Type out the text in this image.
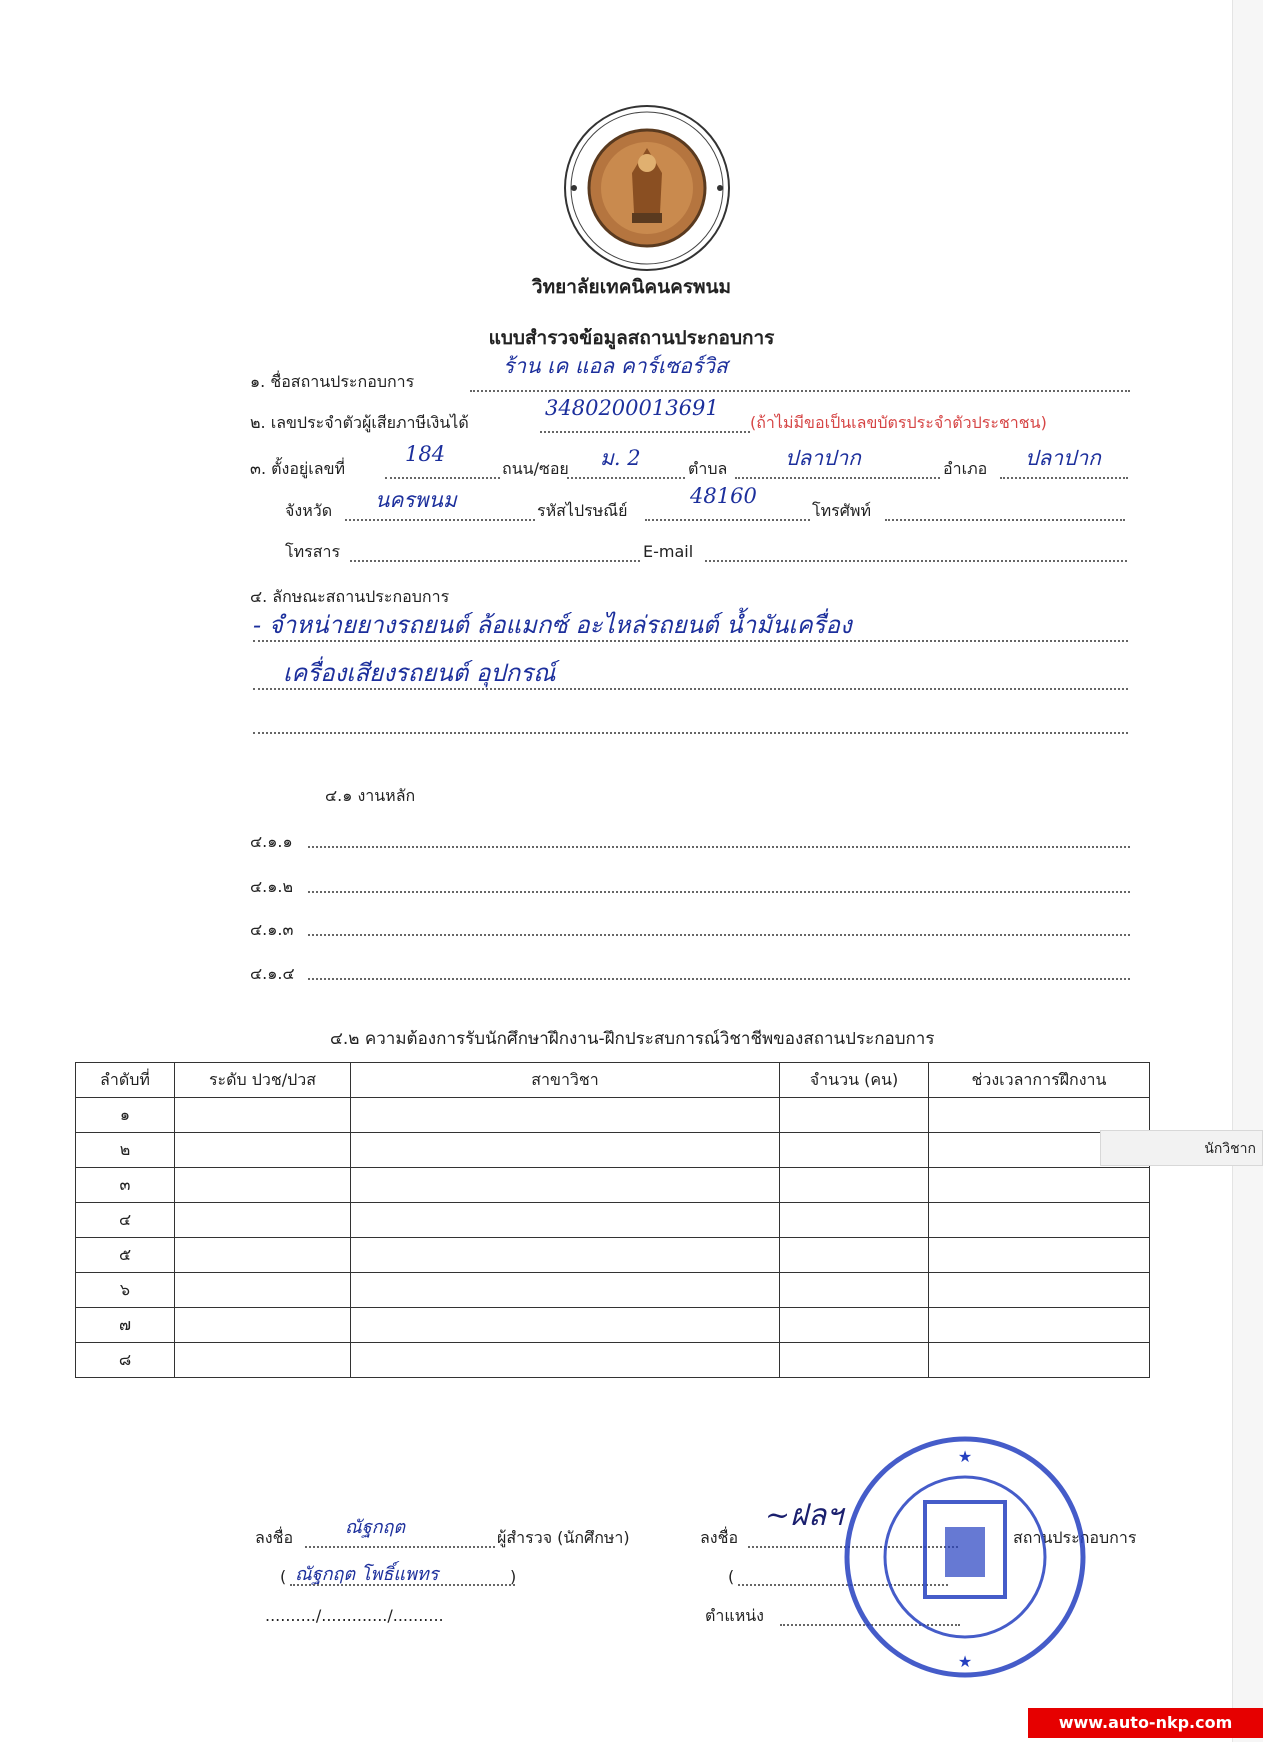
วิทยาลัยเทคนิคนครพนม
แบบสำรวจข้อมูลสถานประกอบการ
๑. ชื่อสถานประกอบการ
ร้าน เค แอล คาร์เซอร์วิส
๒. เลขประจำตัวผู้เสียภาษีเงินได้
3480200013691
(ถ้าไม่มีขอเป็นเลขบัตรประจำตัวประชาชน)
๓. ตั้งอยู่เลขที่
184
ถนน/ซอย ม. 2	ตำบล	ปลาปาก	อำเภอ ปลาปาก
จังหวัด นครพนม	รหัสไปรษณีย์
48160
โทรศัพท์
โทรสาร	E-mail
๔. ลักษณะสถานประกอบการ
- จำหน่ายยางรถยนต์ ล้อแมกซ์ อะไหล่รถยนต์ น้ำมันเครื่อง
เครื่องเสียงรถยนต์ อุปกรณ์
๔.๑ งานหลัก
๔.๑.๑
๔.๑.๒
๔.๑.๓
๔.๑.๔
๔.๒ ความต้องการรับนักศึกษาฝึกงาน-ฝึกประสบการณ์วิชาชีพของสถานประกอบการ
ลำดับที่	ระดับ ปวช/ปวส	สาขาวิชา	จำนวน (คน)	ช่วงเวลาการฝึกงาน
๑				
๒				
๓				
๔				
๕				
๖				
๗				
๘				
นักวิชาก
ลงชื่อ	ณัฐกฤต	ผู้สำรวจ (นักศึกษา)
( ณัฐกฤต โพธิ์แพทร	)
........../............./..........
ลงชื่อ
~ฝลฯ
สถานประกอบการ
(
ตำแหน่ง
★
★
www.auto-nkp.com
